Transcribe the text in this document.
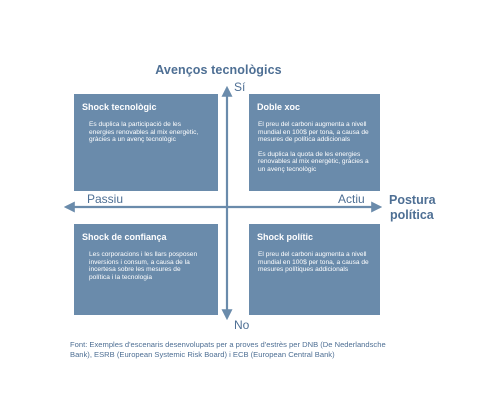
Avenços tecnològics
Sí
No
Passiu	Actiu Postura
política
Shock tecnològic

Es duplica la participació de les energies renovables al mix energètic, gràcies a un avenç tecnològic

Doble xoc

El preu del carboni augmenta a nivell mundial en 100$ per tona, a causa de mesures de política addicionals

Es duplica la quota de les energies renovables al mix energètic, gràcies a un avenç tecnològic

Shock de confiança

Les corporacions i les llars posposen inversions i consum, a causa de la incertesa sobre les mesures de política i la tecnologia

Shock polític

El preu del carboni augmenta a nivell mundial en 100$ per tona, a causa de mesures polítiques addicionals

Font: Exemples d'escenaris desenvolupats per a proves d'estrès per DNB (De Nederlandsche Bank), ESRB (European Systemic Risk Board) i ECB (European Central Bank)
